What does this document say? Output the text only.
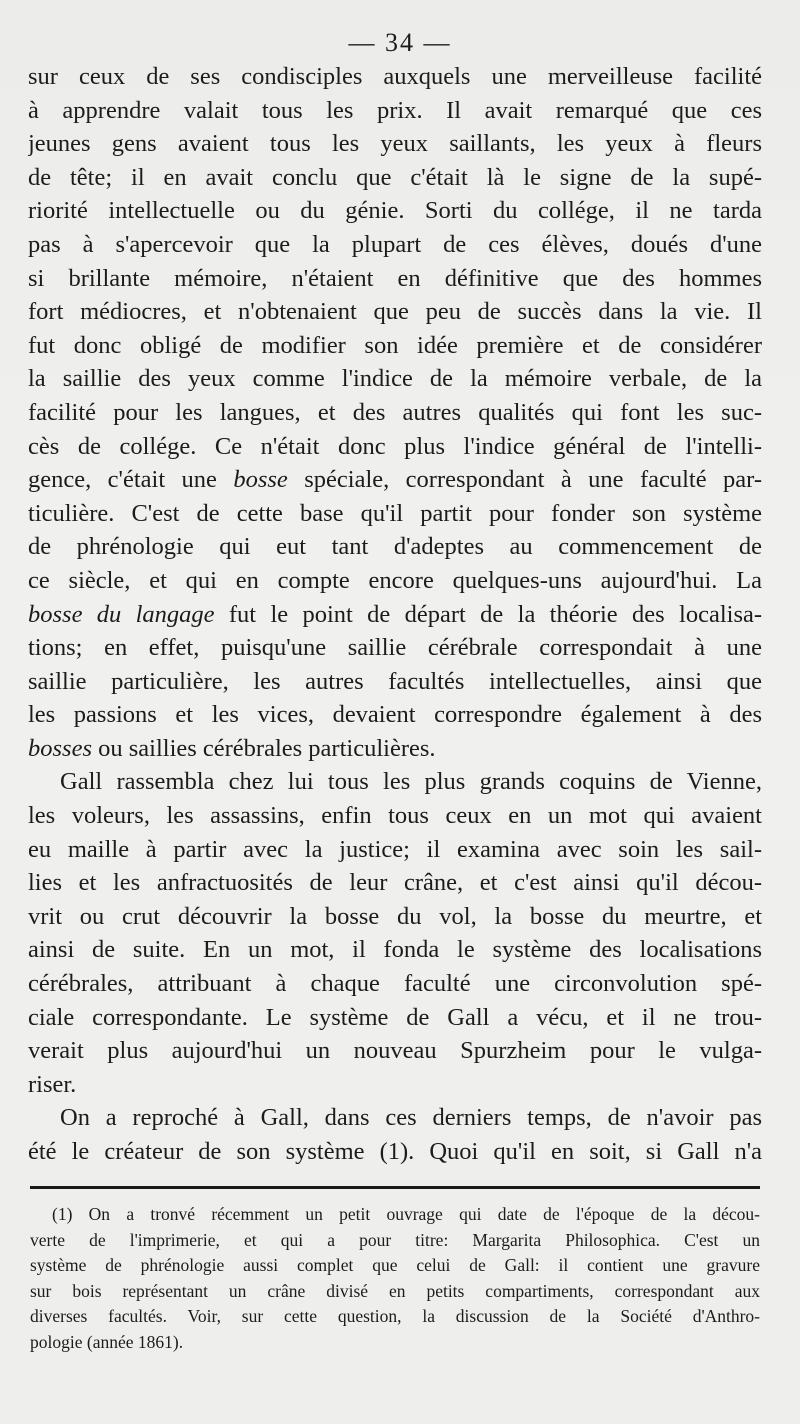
— 34 —
sur ceux de ses condisciples auxquels une merveilleuse facilité
à apprendre valait tous les prix. Il avait remarqué que ces
jeunes gens avaient tous les yeux saillants, les yeux à fleurs
de tête; il en avait conclu que c'était là le signe de la supé-
riorité intellectuelle ou du génie. Sorti du collége, il ne tarda
pas à s'apercevoir que la plupart de ces élèves, doués d'une
si brillante mémoire, n'étaient en définitive que des hommes
fort médiocres, et n'obtenaient que peu de succès dans la vie. Il
fut donc obligé de modifier son idée première et de considérer
la saillie des yeux comme l'indice de la mémoire verbale, de la
facilité pour les langues, et des autres qualités qui font les suc-
cès de collége. Ce n'était donc plus l'indice général de l'intelli-
gence, c'était une bosse spéciale, correspondant à une faculté par-
ticulière. C'est de cette base qu'il partit pour fonder son système
de phrénologie qui eut tant d'adeptes au commencement de
ce siècle, et qui en compte encore quelques-uns aujourd'hui. La
bosse du langage fut le point de départ de la théorie des localisa-
tions; en effet, puisqu'une saillie cérébrale correspondait à une
saillie particulière, les autres facultés intellectuelles, ainsi que
les passions et les vices, devaient correspondre également à des
bosses ou saillies cérébrales particulières.
Gall rassembla chez lui tous les plus grands coquins de Vienne,
les voleurs, les assassins, enfin tous ceux en un mot qui avaient
eu maille à partir avec la justice; il examina avec soin les sail-
lies et les anfractuosités de leur crâne, et c'est ainsi qu'il décou-
vrit ou crut découvrir la bosse du vol, la bosse du meurtre, et
ainsi de suite. En un mot, il fonda le système des localisations
cérébrales, attribuant à chaque faculté une circonvolution spé-
ciale correspondante. Le système de Gall a vécu, et il ne trou-
verait plus aujourd'hui un nouveau Spurzheim pour le vulga-
riser.
On a reproché à Gall, dans ces derniers temps, de n'avoir pas
été le créateur de son système (1). Quoi qu'il en soit, si Gall n'a
(1) On a tronvé récemment un petit ouvrage qui date de l'époque de la décou-
verte de l'imprimerie, et qui a pour titre: Margarita Philosophica. C'est un
système de phrénologie aussi complet que celui de Gall: il contient une gravure
sur bois représentant un crâne divisé en petits compartiments, correspondant aux
diverses facultés. Voir, sur cette question, la discussion de la Société d'Anthro-
pologie (année 1861).
